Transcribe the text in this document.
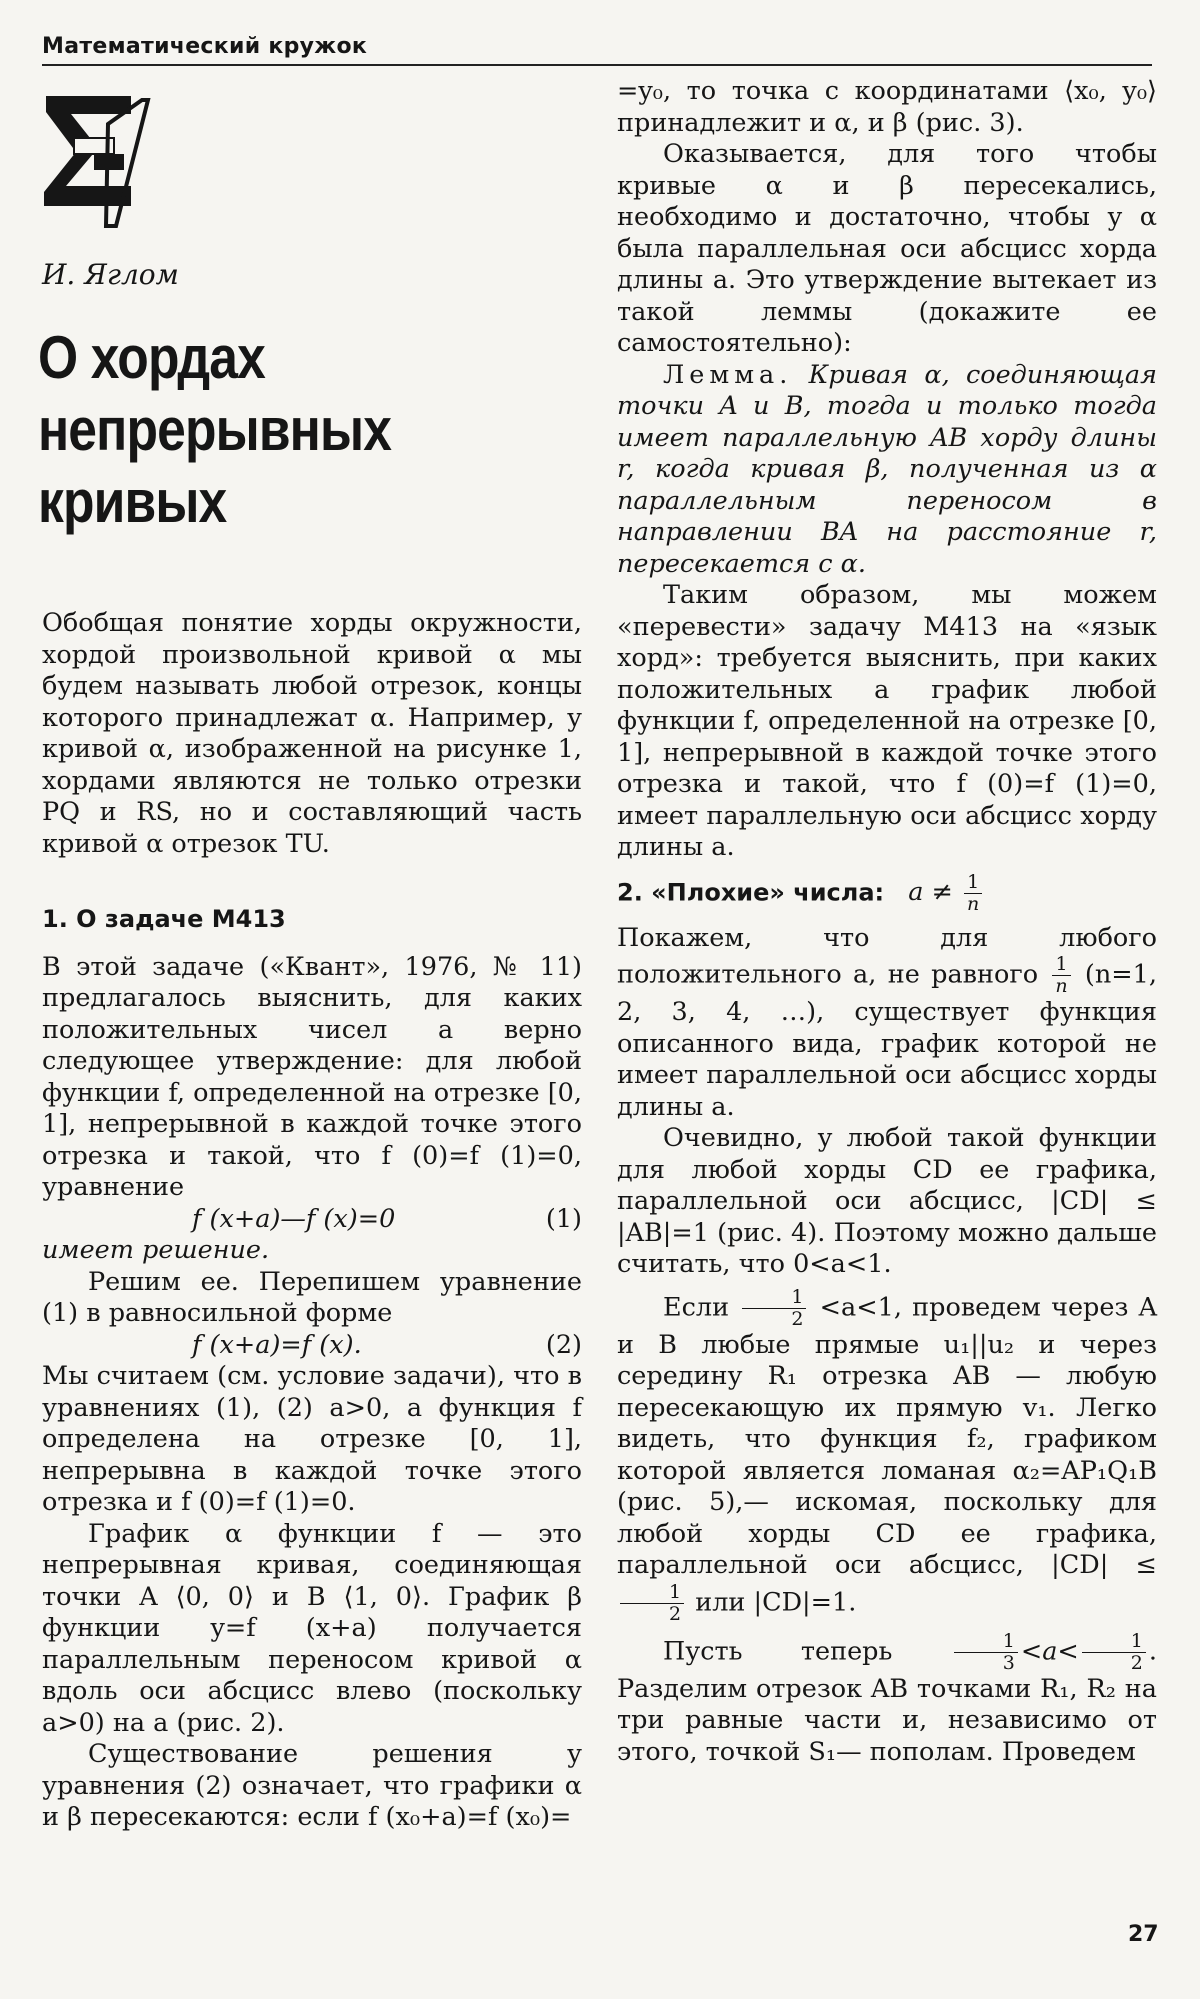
Математический кружок
И. Яглом
О хордах
непрерывных
кривых

Обобщая понятие хорды окружности, хордой произвольной кривой α мы будем называть любой отрезок, концы которого принадлежат α. Например, у кривой α, изображенной на рисунке 1, хордами являются не только отрезки PQ и RS, но и составляющий часть кривой α отрезок TU.

1. О задаче М413

В этой задаче («Квант», 1976, № 11) предлагалось выяснить, для каких положительных чисел a верно следующее утверждение: для любой функции f, определенной на отрезке [0, 1], непрерывной в каждой точке этого отрезка и такой, что f (0)=f (1)=0, уравнение

f (x+a)—f (x)=0	(1)

имеет решение.

Решим ее. Перепишем уравнение (1) в равносильной форме

f (x+a)=f (x).	(2)

Мы считаем (см. условие задачи), что в уравнениях (1), (2) a>0, а функция f определена на отрезке [0, 1], непрерывна в каждой точке этого отрезка и f (0)=f (1)=0.

График α функции f — это непрерывная кривая, соединяющая точки A ⟨0, 0⟩ и B ⟨1, 0⟩. График β функции y=f (x+a) получается параллельным переносом кривой α вдоль оси абсцисс влево (поскольку a>0) на a (рис. 2).

Существование решения у уравнения (2) означает, что графики α и β пересекаются: если f (x₀+a)=f (x₀)=

=y₀, то точка с координатами ⟨x₀, y₀⟩ принадлежит и α, и β (рис. 3).

Оказывается, для того чтобы кривые α и β пересекались, необходимо и достаточно, чтобы у α была параллельная оси абсцисс хорда длины a. Это утверждение вытекает из такой леммы (докажите ее самостоятельно):

Лемма. Кривая α, соединяющая точки A и B, тогда и только тогда имеет параллельную AB хорду длины r, когда кривая β, полученная из α параллельным переносом в направлении BA на расстояние r, пересекается с α.

Таким образом, мы можем «перевести» задачу М413 на «язык хорд»: требуется выяснить, при каких положительных a график любой функции f, определенной на отрезке [0, 1], непрерывной в каждой точке этого отрезка и такой, что f (0)=f (1)=0, имеет параллельную оси абсцисс хорду длины a.

2. «Плохие» числа: $a \ne \frac{1}{n}$

Покажем, что для любого положительного a, не равного $\frac{1}{n} (n=1$, 2, 3, 4, …), существует функция описанного вида, график которой не имеет параллельной оси абсцисс хорды длины a.

Очевидно, у любой такой функции для любой хорды CD ее графика, параллельной оси абсцисс, |CD| ≤ |AB|=1 (рис. 4). Поэтому можно дальше считать, что 0<a<1.

Если $\frac{1}{2} <a<1$, проведем через A и B любые прямые u₁||u₂ и через середину R₁ отрезка AB — любую пересекающую их прямую v₁. Легко видеть, что функция f₂, графиком которой является ломаная α₂=AP₁Q₁B (рис. 5),— искомая, поскольку для любой хорды CD ее графика, параллельной оси абсцисс, |CD| ≤
$\frac{1}{2}$ или |CD|=1.

Пусть теперь	$\frac{1}{3} <a< \frac{1}{2}$ . Разделим отрезок AB точками R₁, R₂ на три равные части и, независимо от этого, точкой S₁— пополам. Проведем

27
